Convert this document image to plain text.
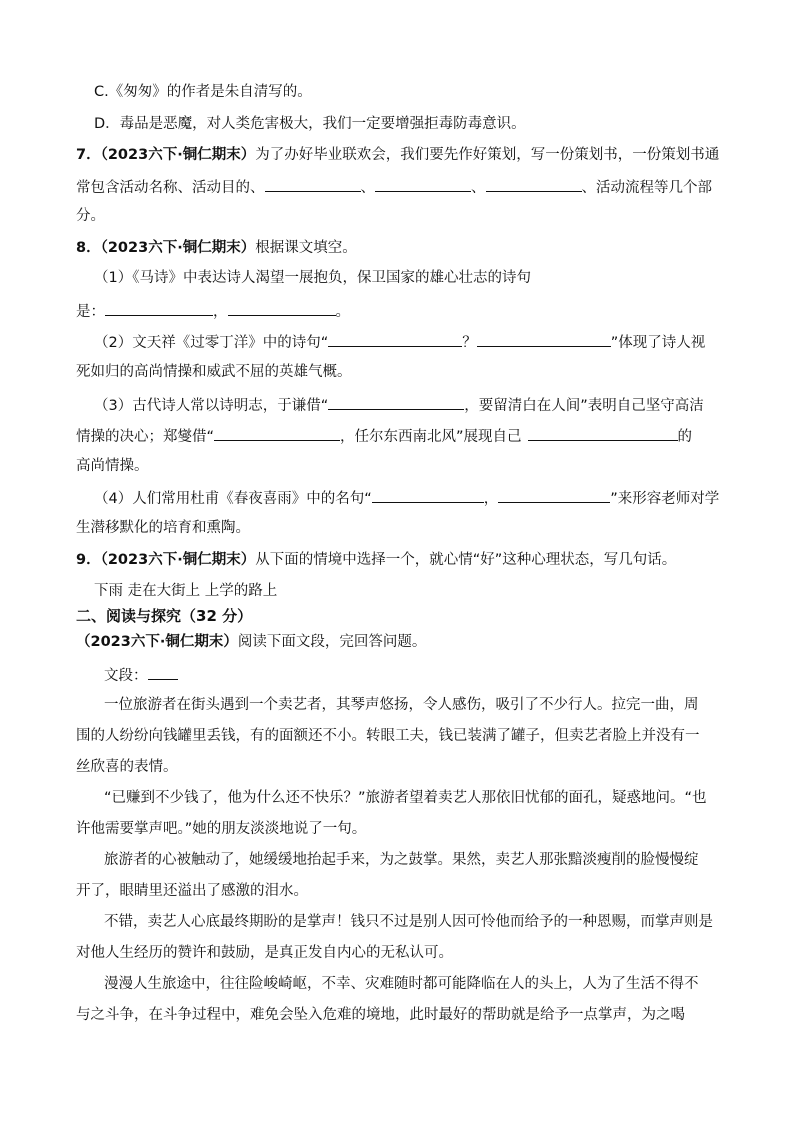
C.《匆匆》的作者是朱自清写的。
D．毒品是恶魔，对人类危害极大，我们一定要增强拒毒防毒意识。
7．（2023六下·铜仁期末）为了办好毕业联欢会，我们要先作好策划，写一份策划书，一份策划书通
常包含活动名称、活动目的、	、	、	、活动流程等几个部
分。
8．（2023六下·铜仁期末）根据课文填空。
（1）《马诗》中表达诗人渴望一展抱负，保卫国家的雄心壮志的诗句
是：	，	。
（2）文天祥《过零丁洋》中的诗句“	？	”体现了诗人视
死如归的高尚情操和威武不屈的英雄气概。
（3）古代诗人常以诗明志，于谦借“	，要留清白在人间”表明自己坚守高洁
情操的决心；郑燮借“	，任尔东西南北风”展现自己	的
高尚情操。
（4）人们常用杜甫《春夜喜雨》中的名句“	，	”来形容老师对学
生潜移默化的培育和熏陶。
9．（2023六下·铜仁期末）从下面的情境中选择一个，就心情“好”这种心理状态，写几句话。
下雨 走在大街上 上学的路上
二、阅读与探究（32 分）
（2023六下·铜仁期末）阅读下面文段，完回答问题。
文段：
一位旅游者在街头遇到一个卖艺者，其琴声悠扬，令人感伤，吸引了不少行人。拉完一曲，周
围的人纷纷向钱罐里丢钱，有的面额还不小。转眼工夫，钱已装满了罐子，但卖艺者脸上并没有一
丝欣喜的表情。
“已赚到不少钱了，他为什么还不快乐？”旅游者望着卖艺人那依旧忧郁的面孔，疑惑地问。“也
许他需要掌声吧。”她的朋友淡淡地说了一句。
旅游者的心被触动了，她缓缓地抬起手来，为之鼓掌。果然，卖艺人那张黯淡瘦削的脸慢慢绽
开了，眼睛里还溢出了感激的泪水。
不错，卖艺人心底最终期盼的是掌声！钱只不过是别人因可怜他而给予的一种恩赐，而掌声则是
对他人生经历的赞许和鼓励，是真正发自内心的无私认可。
漫漫人生旅途中，往往险峻崎岖，不幸、灾难随时都可能降临在人的头上，人为了生活不得不
与之斗争，在斗争过程中，难免会坠入危难的境地，此时最好的帮助就是给予一点掌声，为之喝
